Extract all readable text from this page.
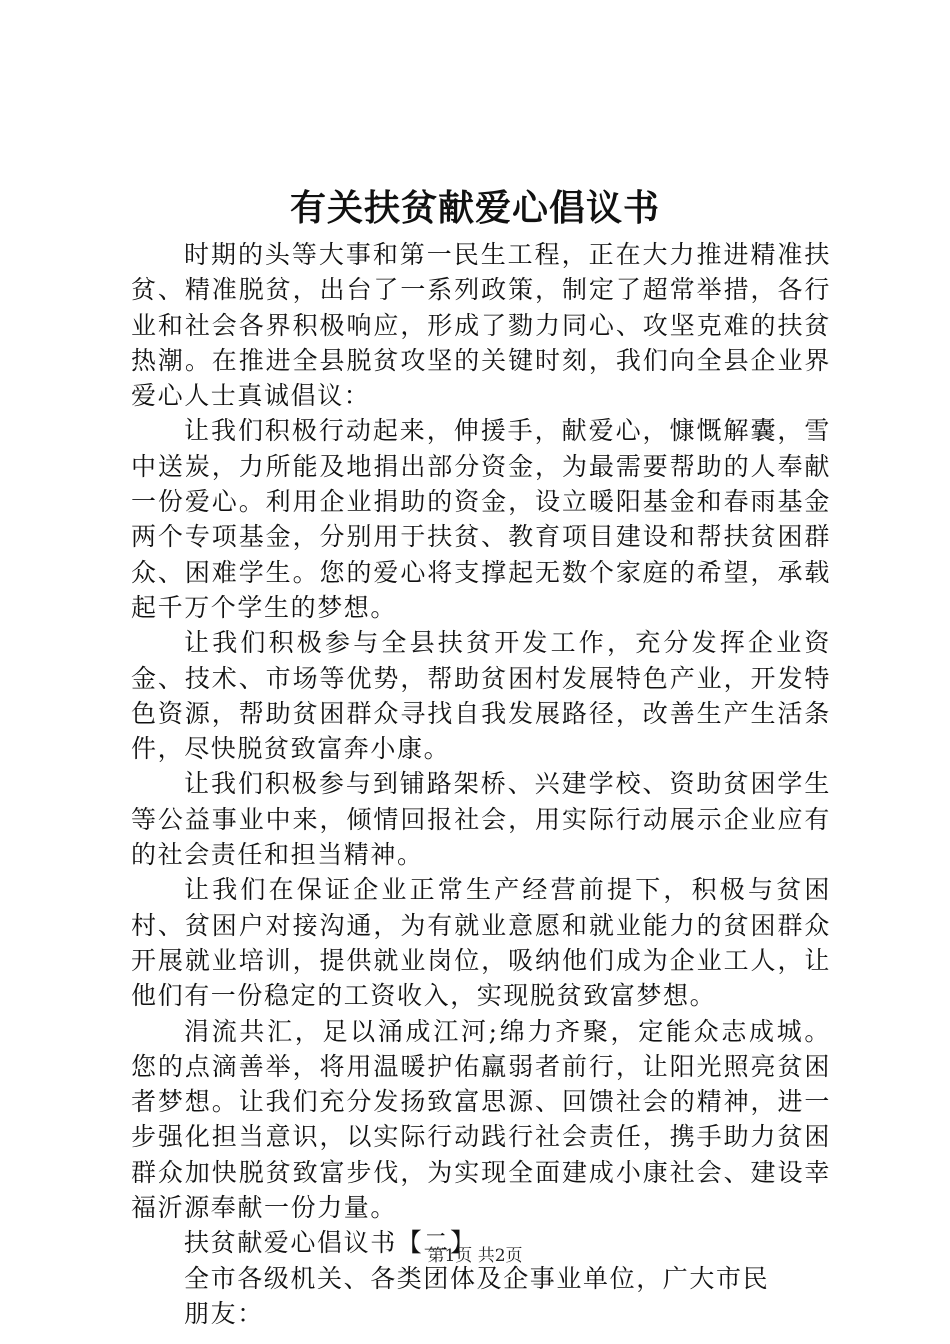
有关扶贫献爱心倡议书

时期的头等大事和第一民生工程，正在大力推进精准扶贫、精准脱贫，出台了一系列政策，制定了超常举措，各行业和社会各界积极响应，形成了勠力同心、攻坚克难的扶贫热潮。在推进全县脱贫攻坚的关键时刻，我们向全县企业界爱心人士真诚倡议：

让我们积极行动起来，伸援手，献爱心，慷慨解囊，雪中送炭，力所能及地捐出部分资金，为最需要帮助的人奉献一份爱心。利用企业捐助的资金，设立暖阳基金和春雨基金两个专项基金，分别用于扶贫、教育项目建设和帮扶贫困群众、困难学生。您的爱心将支撑起无数个家庭的希望，承载起千万个学生的梦想。

让我们积极参与全县扶贫开发工作，充分发挥企业资金、技术、市场等优势，帮助贫困村发展特色产业，开发特色资源，帮助贫困群众寻找自我发展路径，改善生产生活条件，尽快脱贫致富奔小康。

让我们积极参与到铺路架桥、兴建学校、资助贫困学生等公益事业中来，倾情回报社会，用实际行动展示企业应有的社会责任和担当精神。

让我们在保证企业正常生产经营前提下，积极与贫困村、贫困户对接沟通，为有就业意愿和就业能力的贫困群众开展就业培训，提供就业岗位，吸纳他们成为企业工人，让他们有一份稳定的工资收入，实现脱贫致富梦想。

涓流共汇，足以涌成江河;绵力齐聚，定能众志成城。您的点滴善举，将用温暖护佑羸弱者前行，让阳光照亮贫困者梦想。让我们充分发扬致富思源、回馈社会的精神，进一步强化担当意识，以实际行动践行社会责任，携手助力贫困群众加快脱贫致富步伐，为实现全面建成小康社会、建设幸福沂源奉献一份力量。

扶贫献爱心倡议书【二】

全市各级机关、各类团体及企事业单位，广大市民

朋友：

第1页 共2页
